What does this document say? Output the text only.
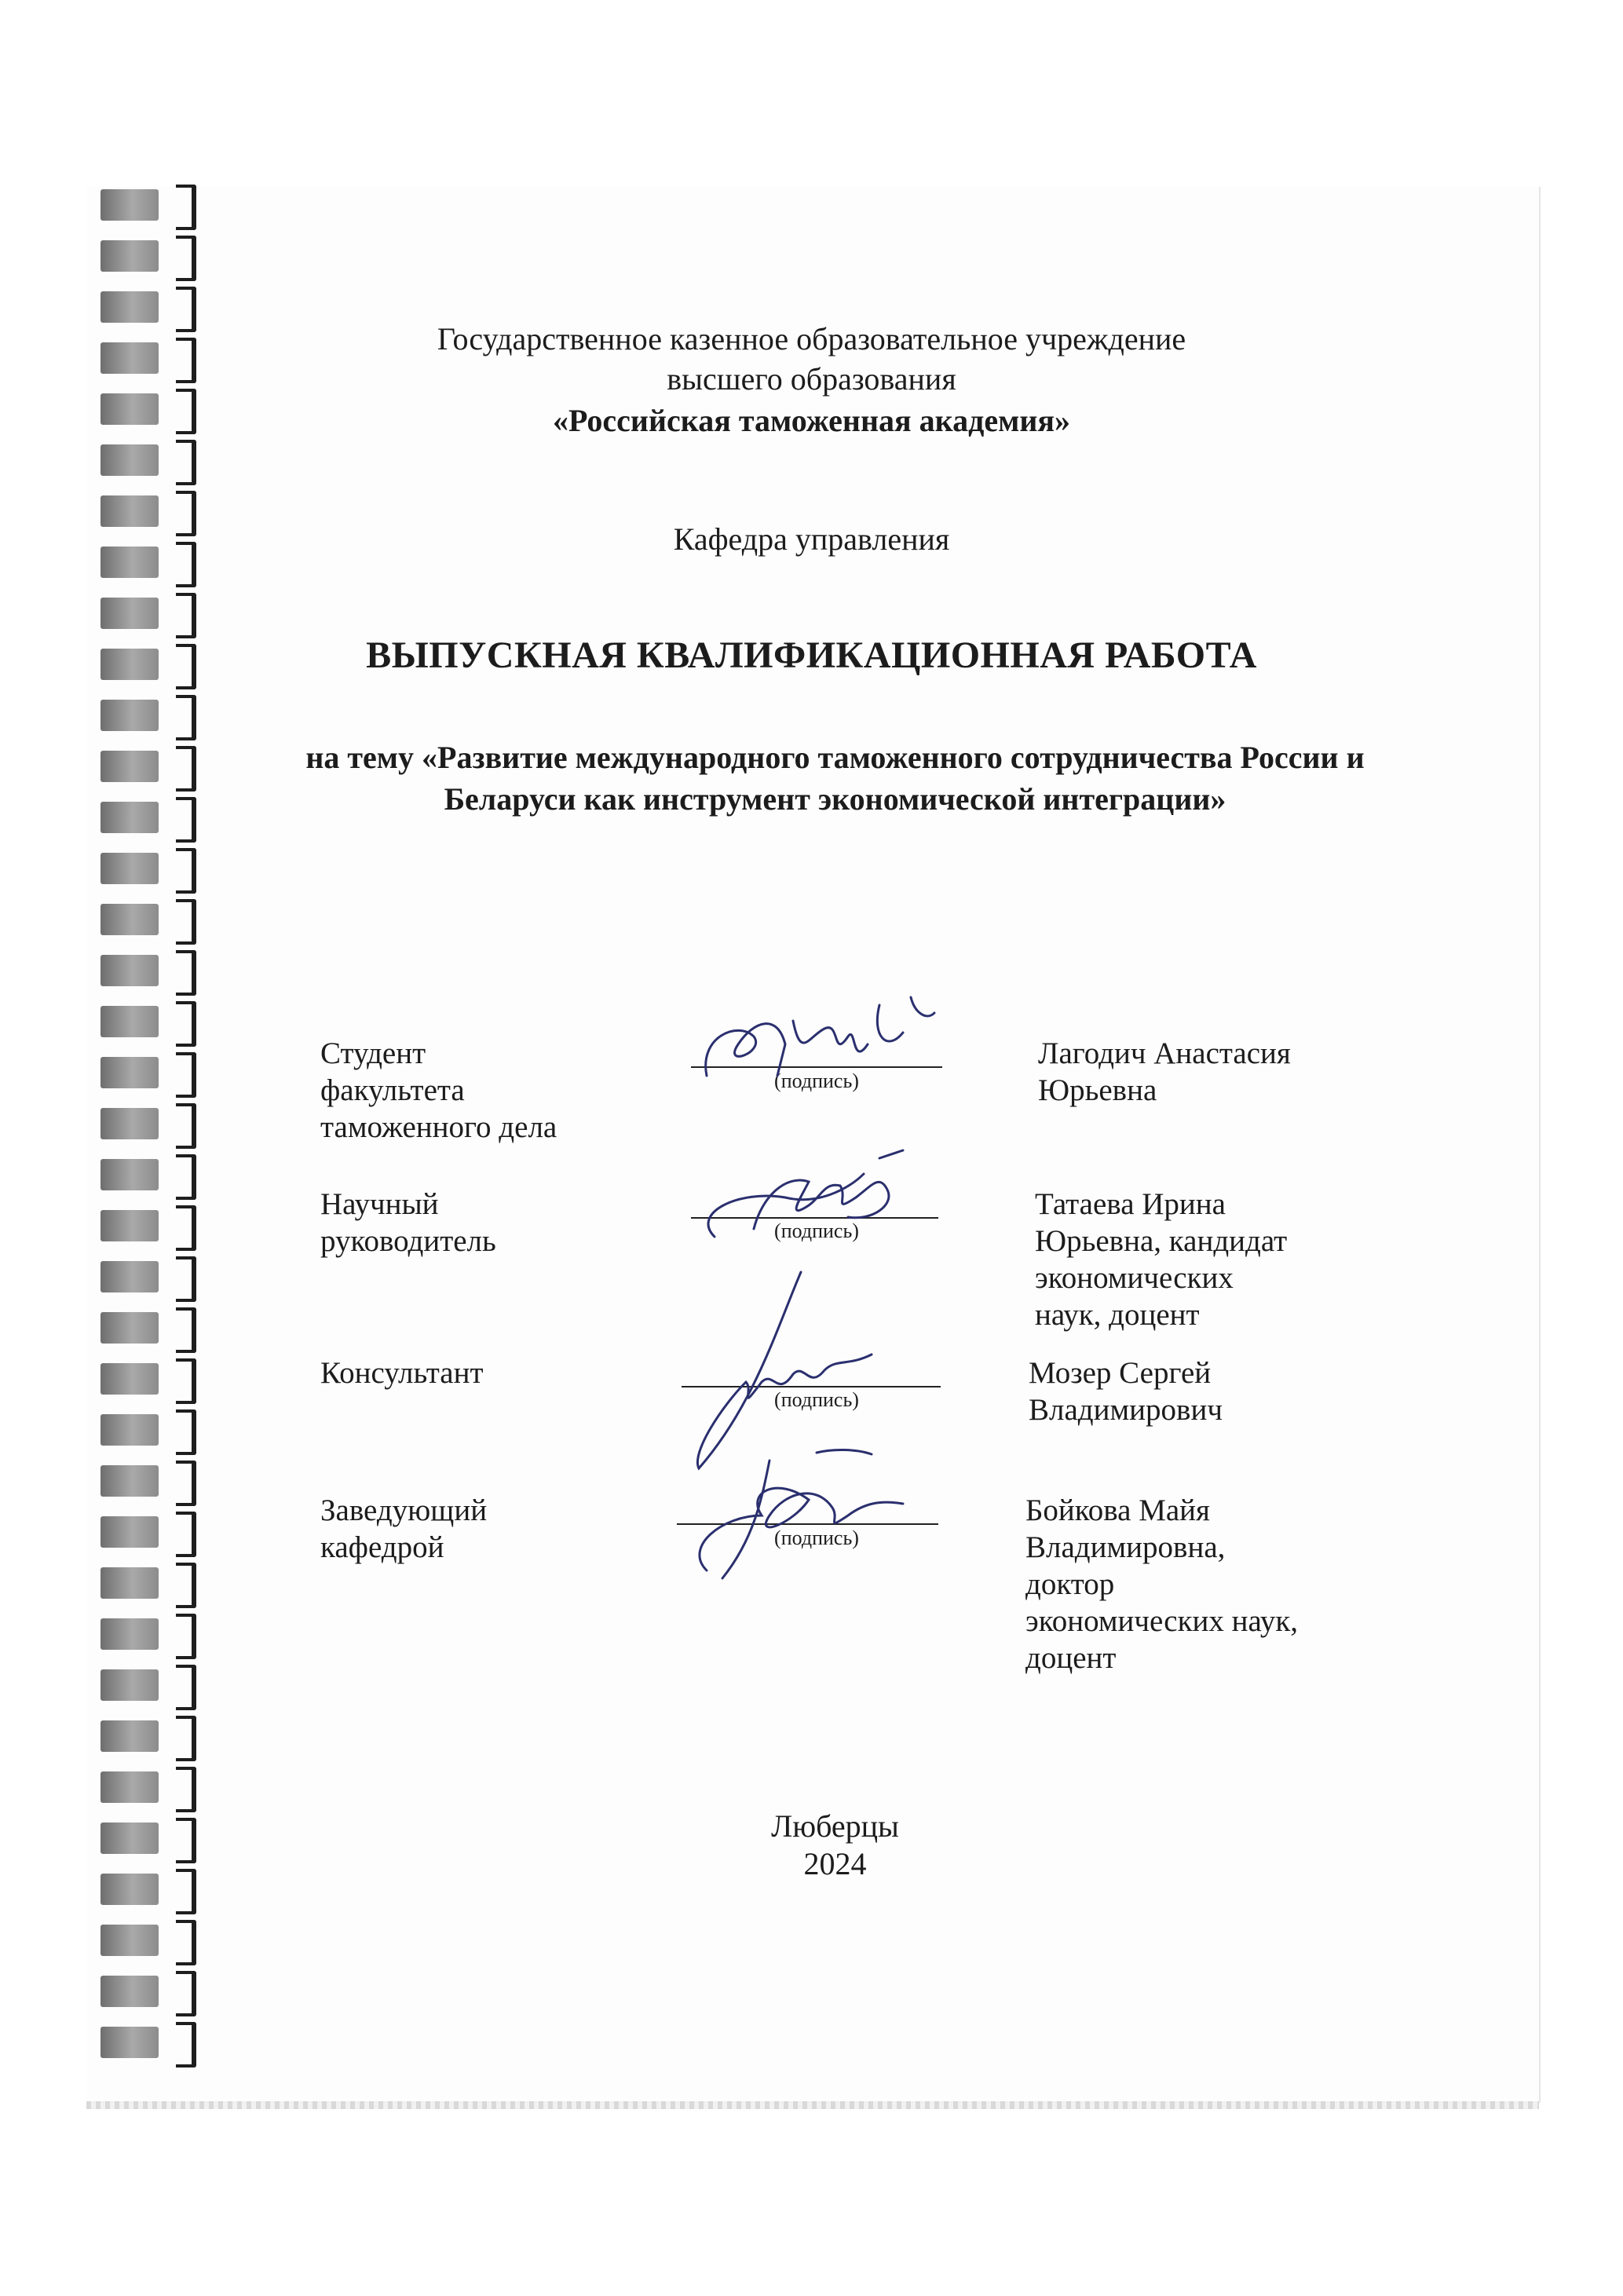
Государственное казенное образовательное учреждение
высшего образования
«Российская таможенная академия»
Кафедра управления
ВЫПУСКНАЯ КВАЛИФИКАЦИОННАЯ РАБОТА
на тему «Развитие международного таможенного сотрудничества России и
Беларуси как инструмент экономической интеграции»
Студент
факультета
таможенного дела
(подпись)
Лагодич Анастасия
Юрьевна
Научный
руководитель	(подпись)
Татаева Ирина
Юрьевна, кандидат
экономических
наук, доцент
Консультант
(подпись)
Мозер Сергей
Владимирович
Заведующий
кафедрой	(подпись)
Бойкова Майя
Владимировна,
доктор
экономических наук,
доцент
Люберцы
2024
